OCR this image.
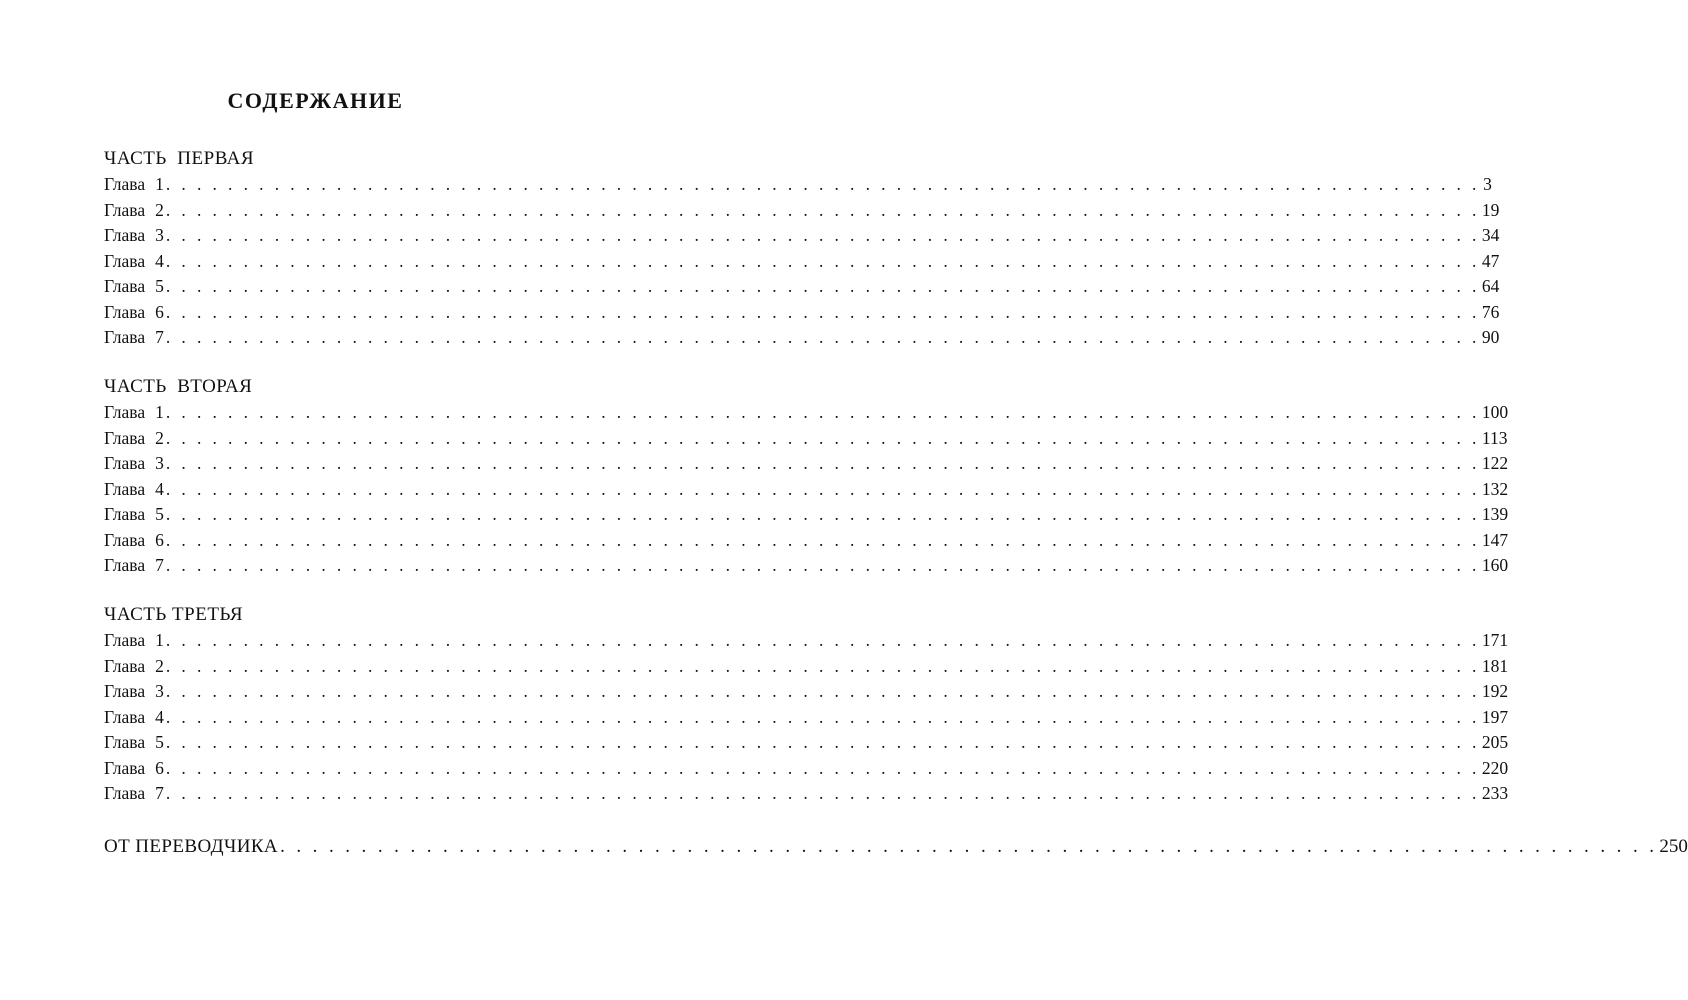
СОДЕРЖАНИЕ
ЧАСТЬ  ПЕРВАЯ
Глава 1 . . . . . . . . . . . . . . . . . . . . . . . . . . . . . . . . . . . . . . . . . . . . . . . . . . . . . . . . . . . . . . . . . . . . . . . . . . . . . . . . . . . . . 3
Глава 2 . . . . . . . . . . . . . . . . . . . . . . . . . . . . . . . . . . . . . . . . . . . . . . . . . . . . . . . . . . . . . . . . . . . . . . . . . . . . . . . . . . . . . 19
Глава 3 . . . . . . . . . . . . . . . . . . . . . . . . . . . . . . . . . . . . . . . . . . . . . . . . . . . . . . . . . . . . . . . . . . . . . . . . . . . . . . . . . . . . . 34
Глава 4 . . . . . . . . . . . . . . . . . . . . . . . . . . . . . . . . . . . . . . . . . . . . . . . . . . . . . . . . . . . . . . . . . . . . . . . . . . . . . . . . . . . . . 47
Глава 5 . . . . . . . . . . . . . . . . . . . . . . . . . . . . . . . . . . . . . . . . . . . . . . . . . . . . . . . . . . . . . . . . . . . . . . . . . . . . . . . . . . . . . 64
Глава 6 . . . . . . . . . . . . . . . . . . . . . . . . . . . . . . . . . . . . . . . . . . . . . . . . . . . . . . . . . . . . . . . . . . . . . . . . . . . . . . . . . . . . . 76
Глава 7 . . . . . . . . . . . . . . . . . . . . . . . . . . . . . . . . . . . . . . . . . . . . . . . . . . . . . . . . . . . . . . . . . . . . . . . . . . . . . . . . . . . . . 90
ЧАСТЬ  ВТОРАЯ
Глава 1 . . . . . . . . . . . . . . . . . . . . . . . . . . . . . . . . . . . . . . . . . . . . . . . . . . . . . . . . . . . . . . . . . . . . . . . . . . . . . . . . . . . . . 100
Глава 2 . . . . . . . . . . . . . . . . . . . . . . . . . . . . . . . . . . . . . . . . . . . . . . . . . . . . . . . . . . . . . . . . . . . . . . . . . . . . . . . . . . . . . 113
Глава 3 . . . . . . . . . . . . . . . . . . . . . . . . . . . . . . . . . . . . . . . . . . . . . . . . . . . . . . . . . . . . . . . . . . . . . . . . . . . . . . . . . . . . . 122
Глава 4 . . . . . . . . . . . . . . . . . . . . . . . . . . . . . . . . . . . . . . . . . . . . . . . . . . . . . . . . . . . . . . . . . . . . . . . . . . . . . . . . . . . . . 132
Глава 5 . . . . . . . . . . . . . . . . . . . . . . . . . . . . . . . . . . . . . . . . . . . . . . . . . . . . . . . . . . . . . . . . . . . . . . . . . . . . . . . . . . . . . 139
Глава 6 . . . . . . . . . . . . . . . . . . . . . . . . . . . . . . . . . . . . . . . . . . . . . . . . . . . . . . . . . . . . . . . . . . . . . . . . . . . . . . . . . . . . . 147
Глава 7 . . . . . . . . . . . . . . . . . . . . . . . . . . . . . . . . . . . . . . . . . . . . . . . . . . . . . . . . . . . . . . . . . . . . . . . . . . . . . . . . . . . . . 160
ЧАСТЬ ТРЕТЬЯ
Глава 1 . . . . . . . . . . . . . . . . . . . . . . . . . . . . . . . . . . . . . . . . . . . . . . . . . . . . . . . . . . . . . . . . . . . . . . . . . . . . . . . . . . . . . 171
Глава 2 . . . . . . . . . . . . . . . . . . . . . . . . . . . . . . . . . . . . . . . . . . . . . . . . . . . . . . . . . . . . . . . . . . . . . . . . . . . . . . . . . . . . . 181
Глава 3 . . . . . . . . . . . . . . . . . . . . . . . . . . . . . . . . . . . . . . . . . . . . . . . . . . . . . . . . . . . . . . . . . . . . . . . . . . . . . . . . . . . . . 192
Глава 4 . . . . . . . . . . . . . . . . . . . . . . . . . . . . . . . . . . . . . . . . . . . . . . . . . . . . . . . . . . . . . . . . . . . . . . . . . . . . . . . . . . . . . 197
Глава 5 . . . . . . . . . . . . . . . . . . . . . . . . . . . . . . . . . . . . . . . . . . . . . . . . . . . . . . . . . . . . . . . . . . . . . . . . . . . . . . . . . . . . . 205
Глава 6 . . . . . . . . . . . . . . . . . . . . . . . . . . . . . . . . . . . . . . . . . . . . . . . . . . . . . . . . . . . . . . . . . . . . . . . . . . . . . . . . . . . . . 220
Глава 7 . . . . . . . . . . . . . . . . . . . . . . . . . . . . . . . . . . . . . . . . . . . . . . . . . . . . . . . . . . . . . . . . . . . . . . . . . . . . . . . . . . . . . 233
ОТ ПЕРЕВОДЧИКА . . . . . . . . . . . . . . . . . . . . . . . . . . . . . . . . . . . . . . . . . . . . . . . . . . . . . . . . . . . . . . . . . . . . . . . . . . . . . . . . . . . . . 250
